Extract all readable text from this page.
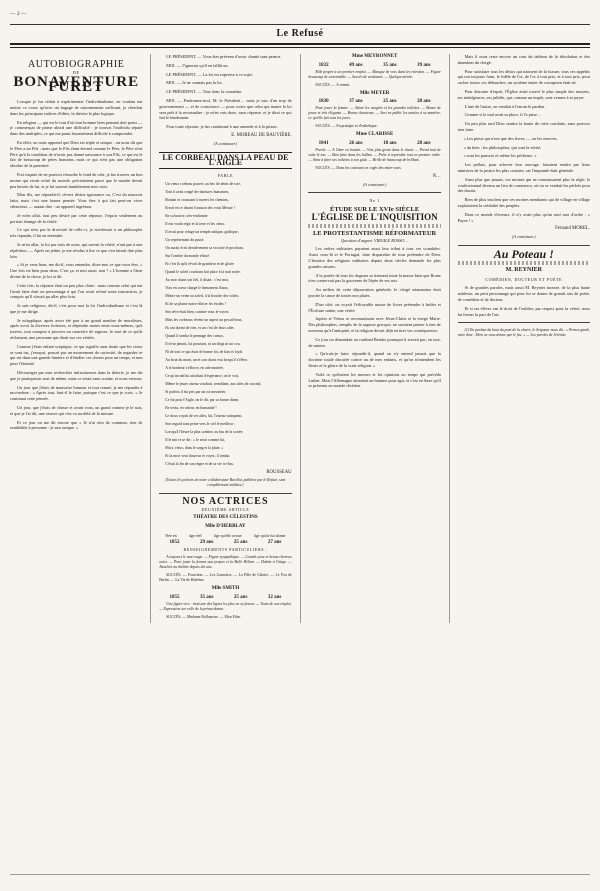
— 2 —
Le Refusé
AUTOBIOGRAPHIE
DE
BONAVENTURE FURET

Lorsque je fus réduit à expérimenter l'individualisme, ne voulant me mettre ce coeur qu'avec un bagage de raisonnement suffisant, je cherchai dans les principaux indices d'idées, la théorie la plus logique.

En religion — qui est le tout d'où tout homme bien pensant doit partir — je commençai de prime abord une difficulté : je trouvai l'individu séparé dans des multiples, ce qui me parut énormément difficile à comprendre.

En effet, on nous apprend que Dieu est triple et unique : on nous dit que le Père a un Fils ; mais que le Fils étant éternel comme le Père, le Père n'est Père qu'à la condition de n'avoir pas donné naissance à son Fils, ce qui est le fait de beaucoup de pères humains, mais ce qui n'est pas une obligation absolue de la paternité.

Fort inquiet de ne pouvoir résoudre le fond de cela, je fus trouver un bon moine qui vivait retiré du monde, précisément parce que le monde devait peu besoin de lui, et je lui soumis humblement mes vues.

Mon fils, me répondit-il, sèvrez divine ignorance ou, C'est du mauvais latin, mais c'est une bonne pensée. Vous êtes à qui fait peut-on vivre silencieux — autant dire : un appareil ingrénou.

Je m'en allai, tout peu désiré par cette réponse, l'espoir seulement au portrait étrange de la vérité.

Ce qui n'est pas la diversité de celle-ci, je m'adressai à un philosophe très répandu, il lui en entendre.

Je m'en allai, la foi par trois de nous, qui savent la vérité, n'ont pas à une répétition. — Après un jeûne, je me résolus à lire ce que s'en faisait dire plus loin.

« Si je veux bien, me dit-il, vous entendre, dites-moi ce que vous êtes. » Une fois est bien pour deux. C'est ça, et moi aussi, non ? » L'homme a l'âme divine de la chose, je lui ai dit.

Cette fois, la réponse était un peu plus claire : mais comme celui qui me l'avait faite était un personnage à qui l'on avait refusé toute instruction, je compris qu'il n'avait pu aller plus loin.

Je suis religieux, dit-il, c'est pour moi la foi l'individualisme et c'est là que je me dirige.

Je m'applique, après avoir été part à un grand nombre de moralistes, après avoir lu diverses écritures, et dépendre moins entre nous-mêmes, qu'à travers, tout conspire à prouver un caractère de sagesse, le moi de ce qu'ils réclament, une personne qui dirait sur ces vérités.

Comme j'étais enfant sceptique, ce qui signifie sans doute que les cieux se sont tus, j'essayai, poussé par un mouvement de curiosité, de regarder ce qui est dans une grande lumière et d'étudier ces choses pour un temps, et non pour l'éternité.

Décourager par mes recherches infructueuses dans la théorie, je me dis que je pratiquerais tout de même, mais ce serait sans crainte, et nous verrons.

Un jour que j'étais de mauvaise humeur et tout remué, je me répondis à moi-même : « Après tout, faut-il le faire, puisque c'est ce que je crois. » Je continuai cette pensée.

Un jour, que j'étais de chasse et avant vous, un grand comme je le suis, et que je l'ai dit, une oeuvre qui s'en va au-delà de la mesure.

Et ce jour on me dit encore que « Je n'ai rien de commun, rien de semblable à personne : je suis unique. »

LE PRÉSIDENT. — Vous êtes prévenu d'avoir chanté sans permis.

MOI. — J'ignorais qu'il en fallût un.

LE PRÉSIDENT. — La loi est expresse à ce sujet.

MOI. — Je ne connais pas la loi.

LE PRÉSIDENT. — Tout donc la connaître.

MOI. — Pardonnez-moi, M. le Président… mais je suis d'un trop de gouvernement — et de conscience — pour croire que celui qui manie la loi sera prêt à la reconnaître : je m'en vais donc, sans réponse, et je dirai ce qui fait le lendemain.

Pour toute réponse, je fus condamné à une amende et à la prison.

E. MOREAU DE BAUVIÈRE.

(A continuer.)

LE CORBEAU DANS LA PEAU DE L'AIGLE

FABLE

Un vieux corbeau pauvre, au bec de dents de scie,

Tout il avait rongé de rabotures humaines,

Boitant et croassant à travers les chemins,

Erroit en ce disant l'oraison des vrais Messie !

En sa bourse, très-endormie

Il eut voulu régir et la terre et les cieux.

Il avait pour refuge un temple antique, gothique,

Un représentant du passé.

On aurait écrit dernièrement sa victoire le prochain,

Sur l'ombre du monde effacé.

Et c'est là qu'il rêvait de grandeur et de gloire

Quand le soleil couchant fait place à la nuit noire.

Au noir chant son fiel, il disait : c'est moi,

Voix en coeur chargé le firmament d'azur,

Mettre un veine au soleil, à la bouche des voiles,

Et de sa plume noire effacer les étoiles !

Son rêve était bien, comme vous le voyez.

Mais les corbeaux rêvent un aspect un peu affreux,

Ils ont dormi de rien, et un c'est de leurs ailes

Quand il tomba le pennage des coeurs,

Il n'eut jamais, lui pourtant, ni un doigt ni un cou,

Ni de tout ce qui était de bonne loi, de loin et loyal.

Au bout du mont, un et son chant vrai lorsqu'il s'élève,

A le bonheur s'efforce, en aile montée,

Ce qu'un nid lui attachait d'espérance, on le voit,

Même le jeune oiseau voudrait, tremblant, aux ailes de son nid,

Si parfois il fut pris par un roi meurtrier,

Ce fut pour l'Aigle, on le dit, par sa bonne dame,

En vertu, en valeur, en humanité !

Le doux voyait de ses ailes, lui, l'oiseau vainqueur,

Son regard sans peine vers le ciel le meilleur ;

Lorsqu'à l'heure la plus sombre, au bas de la soirée,

Il le mit et se dit : « Je serai comme lui,

Mort, vieux, dans le sang et la pluie. »

Et la mort veut douceur et voyez, il tomba.

C'était la fin de son règne et de sa vie ici-bas.

ROUSSEAU

(Toutes les poésies de notre collaborateur Barillot, publiées par le Refusé, sont complètement inédites.)

NOS ACTRICES

DEUXIÈME ARTICLE

THÉATRE DES CÉLESTINS

Mlle D'HERBLAY

Née en	âge réel	âge qu'elle avoue	âge qu'on lui donne
1852	29 ans	25 ans	27 ans

RENSEIGNEMENTS PARTICULIERS :

A toujours le mot rouge. — Figure sympathique. — Grands yeux et beaux cheveux noirs. — Pour jouer la femme aux propos et la Belle Hélène. — Habite à l'étage. — Attachée au théâtre depuis dix ans.

SUCCÈS. — Pourchon. — Les Ganaches. — La Fille de Gibrire. — Le Fou de Berlin. — La Vie de Bohême.

Mlle SMITH

1855	35 ans	25 ans	32 ans

Une figure vive : tient une des lignes les plus en sa faveur. — Toute de son emploi. — Expression sur celle de la prima donna.

SUCCÈS. — Madame Bollanrose. — Mon Film.

Mme MEYRONNET

1832	49 ans	35 ans	39 ans

Rôle propre à un premier emploi. — Manque de voix dans les retraites. — Figure beaucoup de convenable. — Succès de sentiment. — Quelque mérite.

SUCCÈS. — A retenir.

Mlle MEYER

1830	37 ans	25 ans	28 ans

Pour jouer la femme. — Adore les rangées et les grandes toilettes. — Bonne de jeune et très élégante. — Bonne chanteuse. — Sort en public les années à sa manière, ce qu'elle fait tous les jours.

SUCCÈS. — En pratique et d'esthétique.

Mme CLARISSE

1841	26 ans	18 ans	28 ans

Parole. — A l'âme en bonnet. — Voix plus grave dans le chant. — Prend tout de suite le ton. — Bien faite dans les ballets. — Prête à reprendre tout en premier ordre. — Aime à faire ses toilettes à son goût. — Brille de beaucoup de brillant.

SUCCÈS. — Dans les curieuses et cogés des entre-sorts.

N…

(A continuer.)

No 1

ÉTUDE SUR LE XVIe SIÈCLE
L'ÉGLISE DE L'INQUISITION
LE PROTESTANTISME RÉFORMATEUR

Question d'urgent. VIRGILE ROSSO…

Les ordres militaires payaient aussi leur tribut à tous ces scandales. Aussi ceux-là et le Portugal, faire disparaître de tous prétendre de Dieu. L'histoire des religions militaires depuis deux siècles demande les plus grandes raisons.

A la portée de tous les dogmes se tiennent toute la masse bien que Rome n'en conservait pas la gouverne de l'épée de ses rois.

Au milieu de cette dépravation générale, le clergé néanmoins était proche la cause de toutes nos plaies.

D'un côté, on voyait l'effroyable masse de livres prétendre à brûler et l'Écriture sainte, une vérité.

Jupiter et Vénus se reconnaissent avec Jésus-Christ et la vierge Marie. Des philosophes, remplis de la sagesse grecque, ne savaient penser à rien de nouveau qu'à l'antiquité, et la religion devait déjà en tirer ses conséquences.

Ce jour on demandait au cardinal Bembo pourquoi il n'avait pas, en tout, de saintes.

« Qu'irais-je faire, répondit-il, quand on n'y entend jamais que la doctrine totale discutée contre un de mes enfants, et qu'on n'entendent les fleurs et la gloire de la vraie religion. »

Voilà ce qu'étaient les moeurs et les opinions au temps qui précéda Luther. Mais l'Allemagne attendait un homme pour agir, et c'est en Saxe qu'il se présenta au monde chrétien.

Mais il nous reste encore un coin du tableau de la désolation et des abandons du clergé.

Pour satisfaire tous les désirs qui naissent de la luxure, tous ces appétits qui ont toujours faim, le fidèle de l'or, de l'or à tout prix, et à tout prix, pour cacher toutes ces débauches, un système entier de corruption était né.

Pour distraire d'esprit, l'Église avait trouvé le plus simple des moyens, ses indulgences, ses jubilés, qui, comme un impôt, sont venues à se payer.

L'une de l'autre, on vendait à l'encan le pardon.

Comme si le mal avait sa place, il l'a prise…

Un peu plus tard Dieu sentira la honte de cette conduite, sans pouvoir rien faire.

« Les pieux qui n'ont que des livres, — ou les oeuvres,

« du bien ; les philosophes, qui sont la vérité,

« sont les pauvres et même les pécheurs. »

Les prélats, pour achever leur ouvrage, faisaient rendre par leurs ministres de la justice les plus criantes, car l'impunité était générale.

Ainsi plus que jamais, ces moines qui ne connaissaient plus la règle, le confessionnal devenu un lieu de commerce, où on se vendait les péchés pour des ducats.

Rien de plus insolent que ces moines mendiants qui de village en village exploitaient la crédulité des peuples.

Dans ce monde d'erreurs, il n'y avait plus qu'un seul mot d'ordre : « Payez ! »

Fernand MOREL.

(A continuer.)

Au Poteau !

M. REYNIER

COMÉDIEN, DOCTEUR ET POÈTE

Si de grandes paroles, mais aussi M. Reynier montre, de la plus haute noblesse, un petit personnage qui pour lui se donne de grands airs de poète, de comédien et de docteur.

Et si ses élèves ont le droit de l'oublier, par respect pour la vérité, nous lui ferons la part de l'art.

(1) En parlant du haut du pont de la chaire, le Seigneur nous dit : « Prenez garde, votre âme ; Dieu ne vous donne que le feu. » — Les paroles de Jérémie.
